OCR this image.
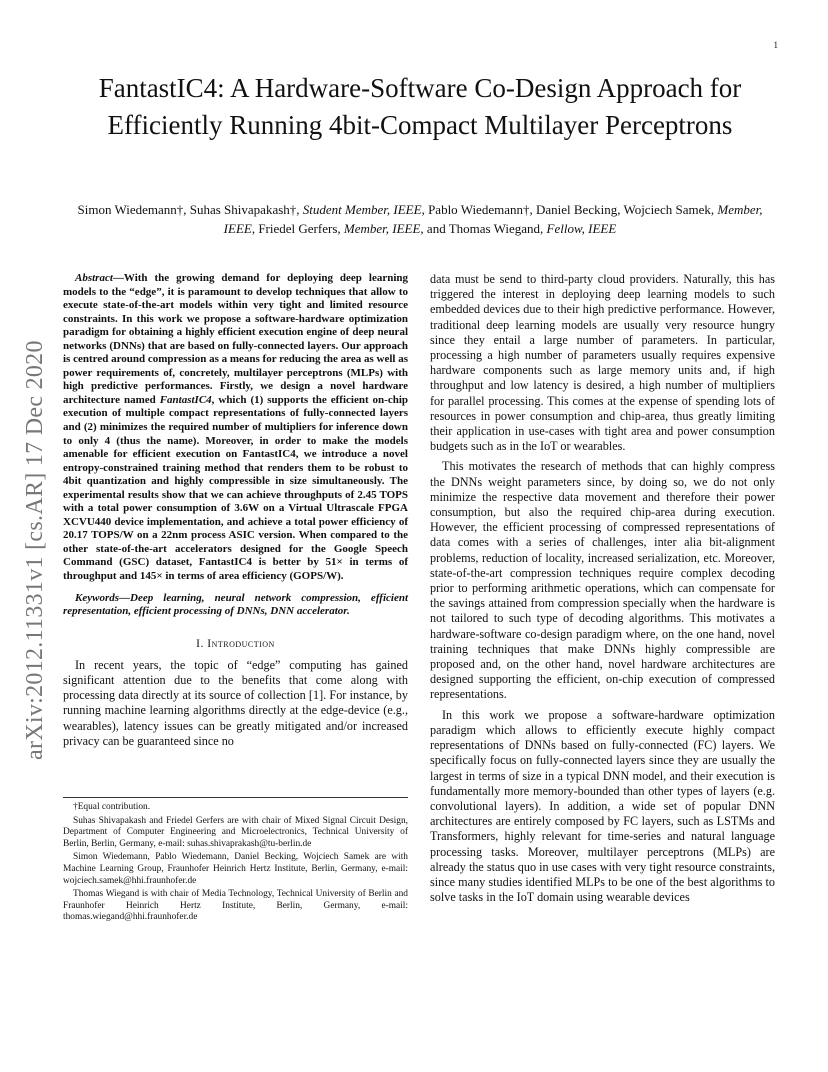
1
arXiv:2012.11331v1 [cs.AR] 17 Dec 2020
FantastIC4: A Hardware-Software Co-Design Approach for Efficiently Running 4bit-Compact Multilayer Perceptrons
Simon Wiedemann†, Suhas Shivapakash†, Student Member, IEEE, Pablo Wiedemann†, Daniel Becking, Wojciech Samek, Member, IEEE, Friedel Gerfers, Member, IEEE, and Thomas Wiegand, Fellow, IEEE

Abstract—With the growing demand for deploying deep learning models to the “edge”, it is paramount to develop techniques that allow to execute state-of-the-art models within very tight and limited resource constraints. In this work we propose a software-hardware optimization paradigm for obtaining a highly efficient execution engine of deep neural networks (DNNs) that are based on fully-connected layers. Our approach is centred around compression as a means for reducing the area as well as power requirements of, concretely, multilayer perceptrons (MLPs) with high predictive performances. Firstly, we design a novel hardware architecture named FantastIC4, which (1) supports the efficient on-chip execution of multiple compact representations of fully-connected layers and (2) minimizes the required number of multipliers for inference down to only 4 (thus the name). Moreover, in order to make the models amenable for efficient execution on FantastIC4, we introduce a novel entropy-constrained training method that renders them to be robust to 4bit quantization and highly compressible in size simultaneously. The experimental results show that we can achieve throughputs of 2.45 TOPS with a total power consumption of 3.6W on a Virtual Ultrascale FPGA XCVU440 device implementation, and achieve a total power efficiency of 20.17 TOPS/W on a 22nm process ASIC version. When compared to the other state-of-the-art accelerators designed for the Google Speech Command (GSC) dataset, FantastIC4 is better by 51× in terms of throughput and 145× in terms of area efficiency (GOPS/W).

Keywords—Deep learning, neural network compression, efficient representation, efficient processing of DNNs, DNN accelerator.

I. Introduction

In recent years, the topic of “edge” computing has gained significant attention due to the benefits that come along with processing data directly at its source of collection [1]. For instance, by running machine learning algorithms directly at the edge-device (e.g., wearables), latency issues can be greatly mitigated and/or increased privacy can be guaranteed since no

†Equal contribution.

Suhas Shivapakash and Friedel Gerfers are with chair of Mixed Signal Circuit Design, Department of Computer Engineering and Microelectronics, Technical University of Berlin, Berlin, Germany, e-mail: suhas.shivaprakash@tu-berlin.de

Simon Wiedemann, Pablo Wiedemann, Daniel Becking, Wojciech Samek are with Machine Learning Group, Fraunhofer Heinrich Hertz Institute, Berlin, Germany, e-mail: wojciech.samek@hhi.fraunhofer.de

Thomas Wiegand is with chair of Media Technology, Technical University of Berlin and Fraunhofer Heinrich Hertz Institute, Berlin, Germany, e-mail: thomas.wiegand@hhi.fraunhofer.de

data must be send to third-party cloud providers. Naturally, this has triggered the interest in deploying deep learning models to such embedded devices due to their high predictive performance. However, traditional deep learning models are usually very resource hungry since they entail a large number of parameters. In particular, processing a high number of parameters usually requires expensive hardware components such as large memory units and, if high throughput and low latency is desired, a high number of multipliers for parallel processing. This comes at the expense of spending lots of resources in power consumption and chip-area, thus greatly limiting their application in use-cases with tight area and power consumption budgets such as in the IoT or wearables.

This motivates the research of methods that can highly compress the DNNs weight parameters since, by doing so, we do not only minimize the respective data movement and therefore their power consumption, but also the required chip-area during execution. However, the efficient processing of compressed representations of data comes with a series of challenges, inter alia bit-alignment problems, reduction of locality, increased serialization, etc. Moreover, state-of-the-art compression techniques require complex decoding prior to performing arithmetic operations, which can compensate for the savings attained from compression specially when the hardware is not tailored to such type of decoding algorithms. This motivates a hardware-software co-design paradigm where, on the one hand, novel training techniques that make DNNs highly compressible are proposed and, on the other hand, novel hardware architectures are designed supporting the efficient, on-chip execution of compressed representations.

In this work we propose a software-hardware optimization paradigm which allows to efficiently execute highly compact representations of DNNs based on fully-connected (FC) layers. We specifically focus on fully-connected layers since they are usually the largest in terms of size in a typical DNN model, and their execution is fundamentally more memory-bounded than other types of layers (e.g. convolutional layers). In addition, a wide set of popular DNN architectures are entirely composed by FC layers, such as LSTMs and Transformers, highly relevant for time-series and natural language processing tasks. Moreover, multilayer perceptrons (MLPs) are already the status quo in use cases with very tight resource constraints, since many studies identified MLPs to be one of the best algorithms to solve tasks in the IoT domain using wearable devices
